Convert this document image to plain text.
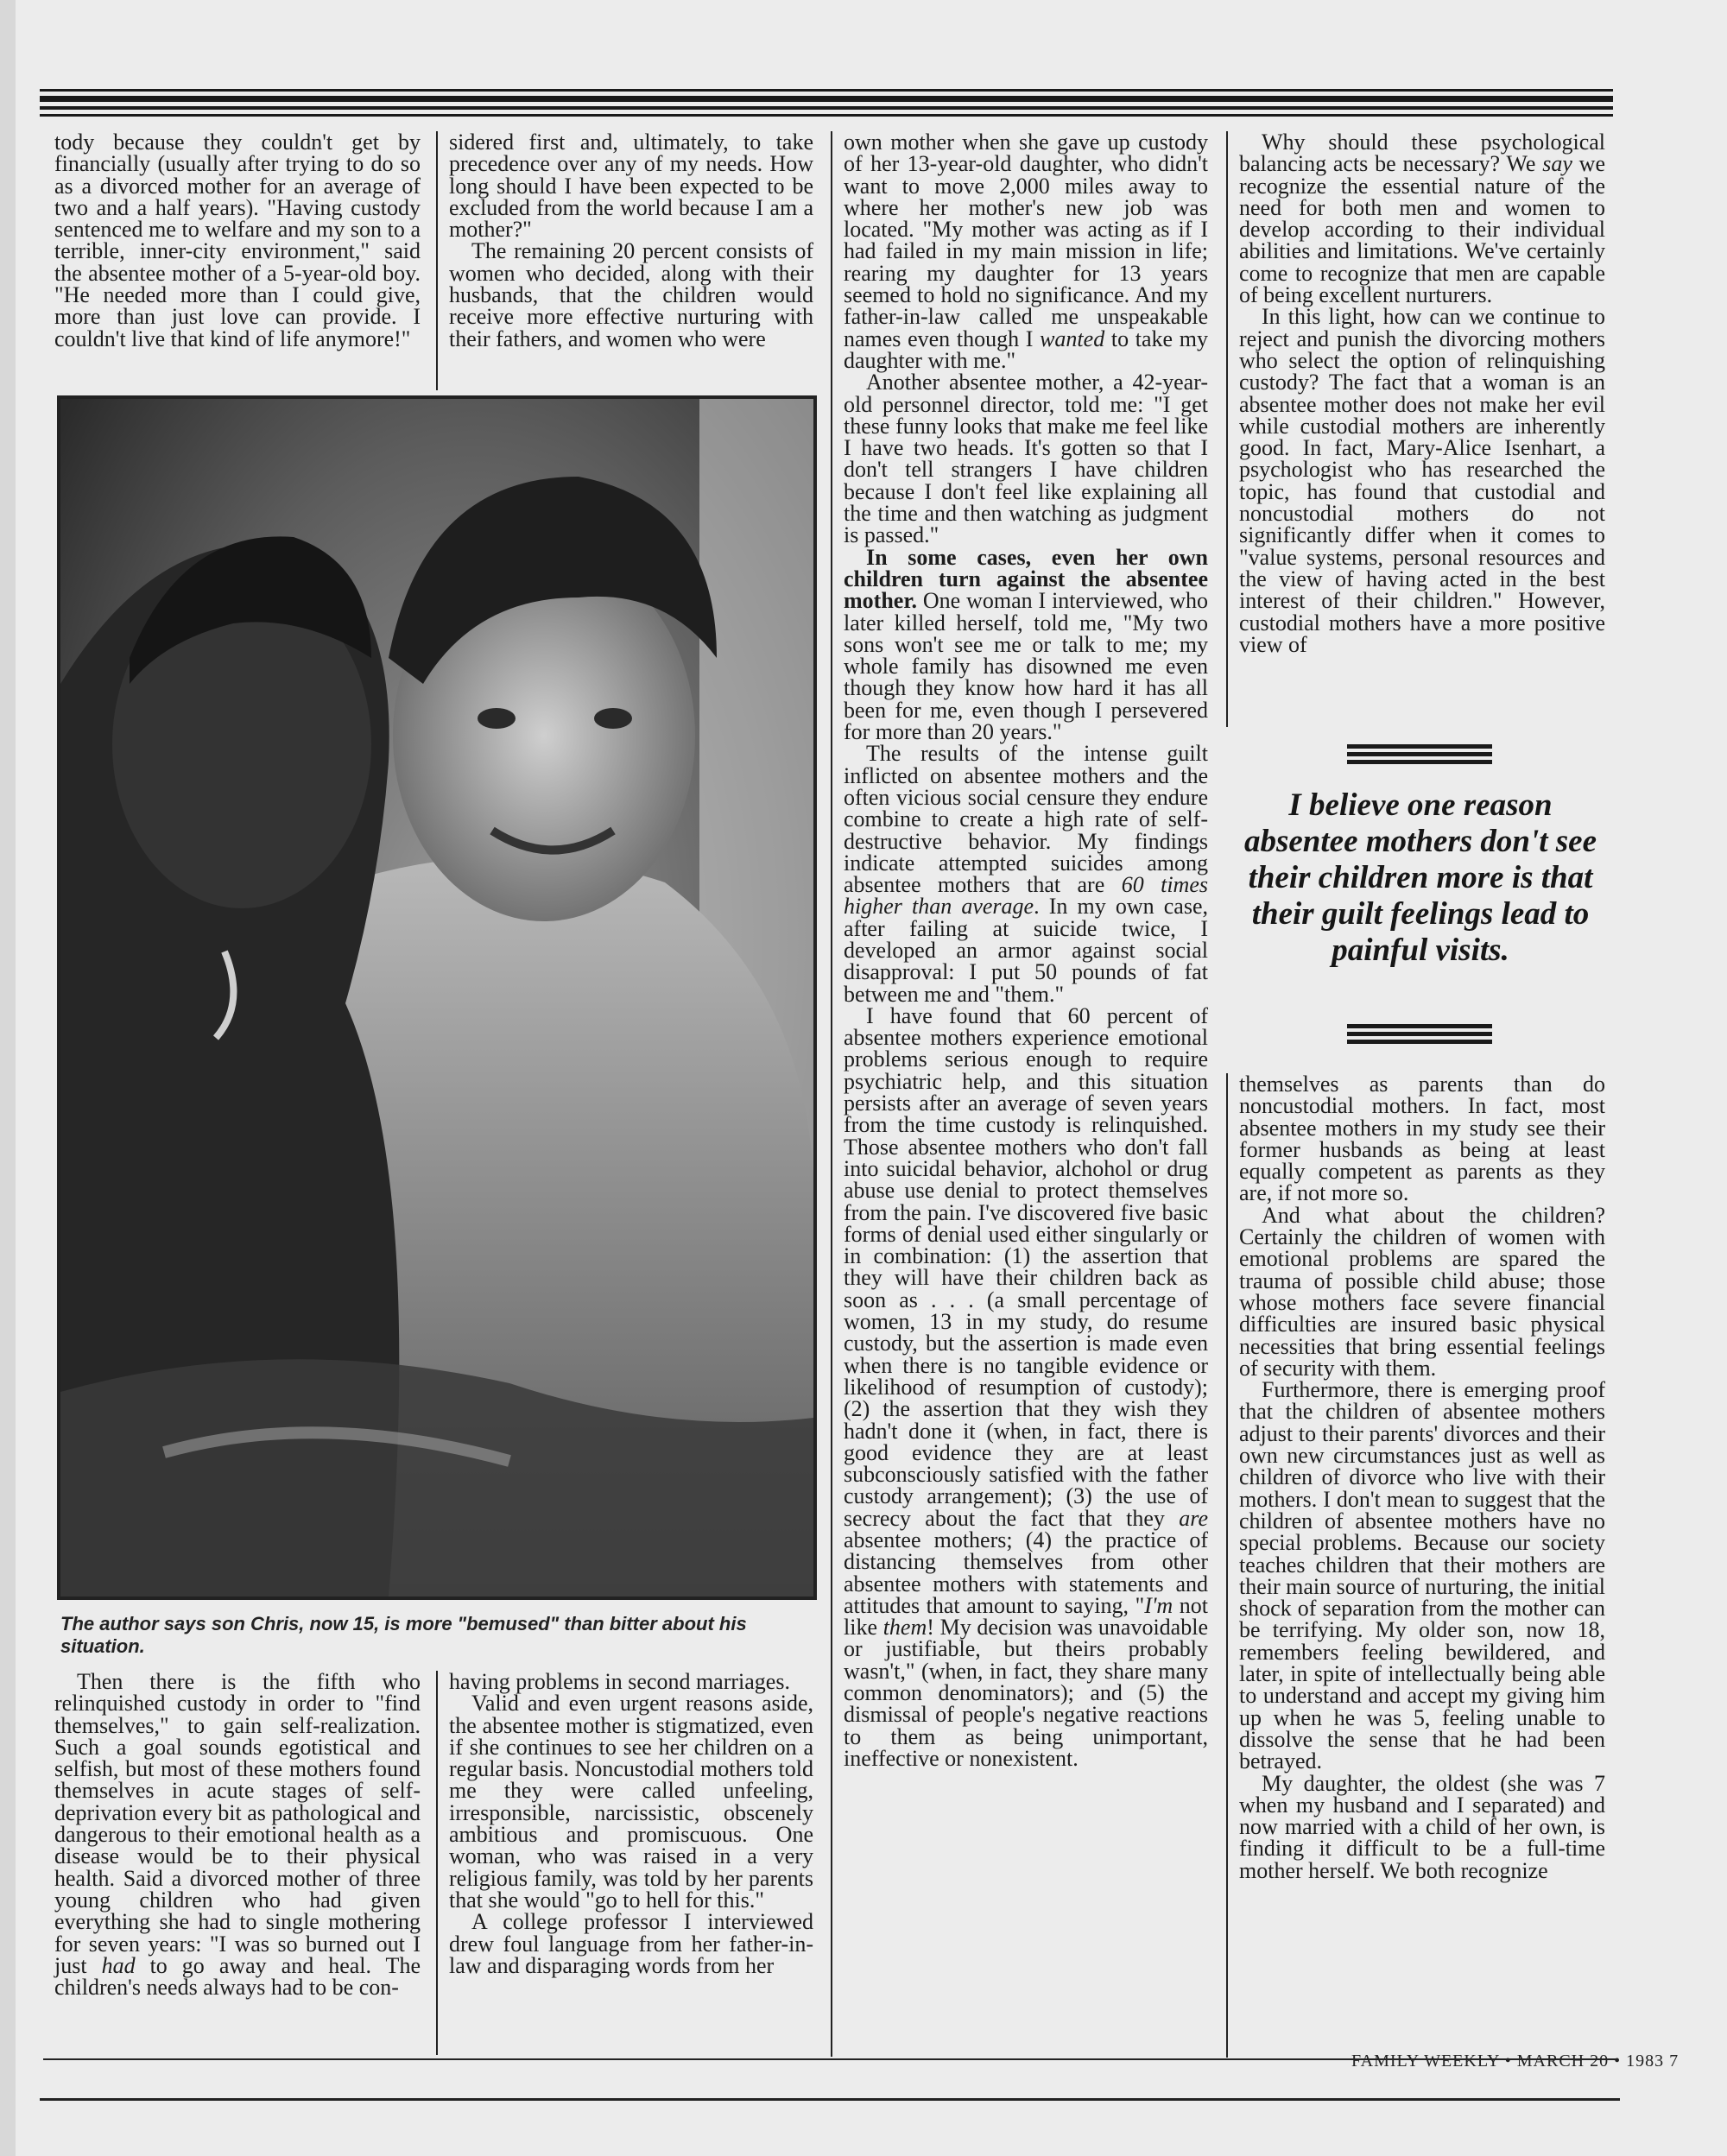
tody because they couldn't get by financially (usually after trying to do so as a divorced mother for an average of two and a half years). "Having custody sentenced me to welfare and my son to a terrible, inner-city environment," said the absentee mother of a 5-year-old boy. "He needed more than I could give, more than just love can provide. I couldn't live that kind of life anymore!"

sidered first and, ultimately, to take precedence over any of my needs. How long should I have been expected to be excluded from the world because I am a mother?"

The remaining 20 percent consists of women who decided, along with their husbands, that the children would receive more effective nurturing with their fathers, and women who were

The author says son Chris, now 15, is more "bemused" than bitter about his situation.

Then there is the fifth who relinquished custody in order to "find themselves," to gain self-realization. Such a goal sounds egotistical and selfish, but most of these mothers found themselves in acute stages of self-deprivation every bit as pathological and dangerous to their emotional health as a disease would be to their physical health. Said a divorced mother of three young children who had given everything she had to single mothering for seven years: "I was so burned out I just had to go away and heal. The children's needs always had to be con-

having problems in second marriages.

Valid and even urgent reasons aside, the absentee mother is stigmatized, even if she continues to see her children on a regular basis. Noncustodial mothers told me they were called unfeeling, irresponsible, narcissistic, obscenely ambitious and promiscuous. One woman, who was raised in a very religious family, was told by her parents that she would "go to hell for this."

A college professor I interviewed drew foul language from her father-in-law and disparaging words from her

own mother when she gave up custody of her 13-year-old daughter, who didn't want to move 2,000 miles away to where her mother's new job was located. "My mother was acting as if I had failed in my main mission in life; rearing my daughter for 13 years seemed to hold no significance. And my father-in-law called me unspeakable names even though I wanted to take my daughter with me."

Another absentee mother, a 42-year-old personnel director, told me: "I get these funny looks that make me feel like I have two heads. It's gotten so that I don't tell strangers I have children because I don't feel like explaining all the time and then watching as judgment is passed."

In some cases, even her own children turn against the absentee mother. One woman I interviewed, who later killed herself, told me, "My two sons won't see me or talk to me; my whole family has disowned me even though they know how hard it has all been for me, even though I persevered for more than 20 years."

The results of the intense guilt inflicted on absentee mothers and the often vicious social censure they endure combine to create a high rate of self-destructive behavior. My findings indicate attempted suicides among absentee mothers that are 60 times higher than average. In my own case, after failing at suicide twice, I developed an armor against social disapproval: I put 50 pounds of fat between me and "them."

I have found that 60 percent of absentee mothers experience emotional problems serious enough to require psychiatric help, and this situation persists after an average of seven years from the time custody is relinquished. Those absentee mothers who don't fall into suicidal behavior, alchohol or drug abuse use denial to protect themselves from the pain. I've discovered five basic forms of denial used either singularly or in combination: (1) the assertion that they will have their children back as soon as . . . (a small percentage of women, 13 in my study, do resume custody, but the assertion is made even when there is no tangible evidence or likelihood of resumption of custody); (2) the assertion that they wish they hadn't done it (when, in fact, there is good evidence they are at least subconsciously satisfied with the father custody arrangement); (3) the use of secrecy about the fact that they are absentee mothers; (4) the practice of distancing themselves from other absentee mothers with statements and attitudes that amount to saying, "I'm not like them! My decision was unavoidable or justifiable, but theirs probably wasn't," (when, in fact, they share many common denominators); and (5) the dismissal of people's negative reactions to them as being unimportant, ineffective or nonexistent.

Why should these psychological balancing acts be necessary? We say we recognize the essential nature of the need for both men and women to develop according to their individual abilities and limitations. We've certainly come to recognize that men are capable of being excellent nurturers.

In this light, how can we continue to reject and punish the divorcing mothers who select the option of relinquishing custody? The fact that a woman is an absentee mother does not make her evil while custodial mothers are inherently good. In fact, Mary-Alice Isenhart, a psychologist who has researched the topic, has found that custodial and noncustodial mothers do not significantly differ when it comes to "value systems, personal resources and the view of having acted in the best interest of their children." However, custodial mothers have a more positive view of

I believe one reason absentee mothers don't see their children more is that their guilt feelings lead to painful visits.

themselves as parents than do noncustodial mothers. In fact, most absentee mothers in my study see their former husbands as being at least equally competent as parents as they are, if not more so.

And what about the children? Certainly the children of women with emotional problems are spared the trauma of possible child abuse; those whose mothers face severe financial difficulties are insured basic physical necessities that bring essential feelings of security with them.

Furthermore, there is emerging proof that the children of absentee mothers adjust to their parents' divorces and their own new circumstances just as well as children of divorce who live with their mothers. I don't mean to suggest that the children of absentee mothers have no special problems. Because our society teaches children that their mothers are their main source of nurturing, the initial shock of separation from the mother can be terrifying. My older son, now 18, remembers feeling bewildered, and later, in spite of intellectually being able to understand and accept my giving him up when he was 5, feeling unable to dissolve the sense that he had been betrayed.

My daughter, the oldest (she was 7 when my husband and I separated) and now married with a child of her own, is finding it difficult to be a full-time mother herself. We both recognize

FAMILY WEEKLY • MARCH 20 • 1983 7
